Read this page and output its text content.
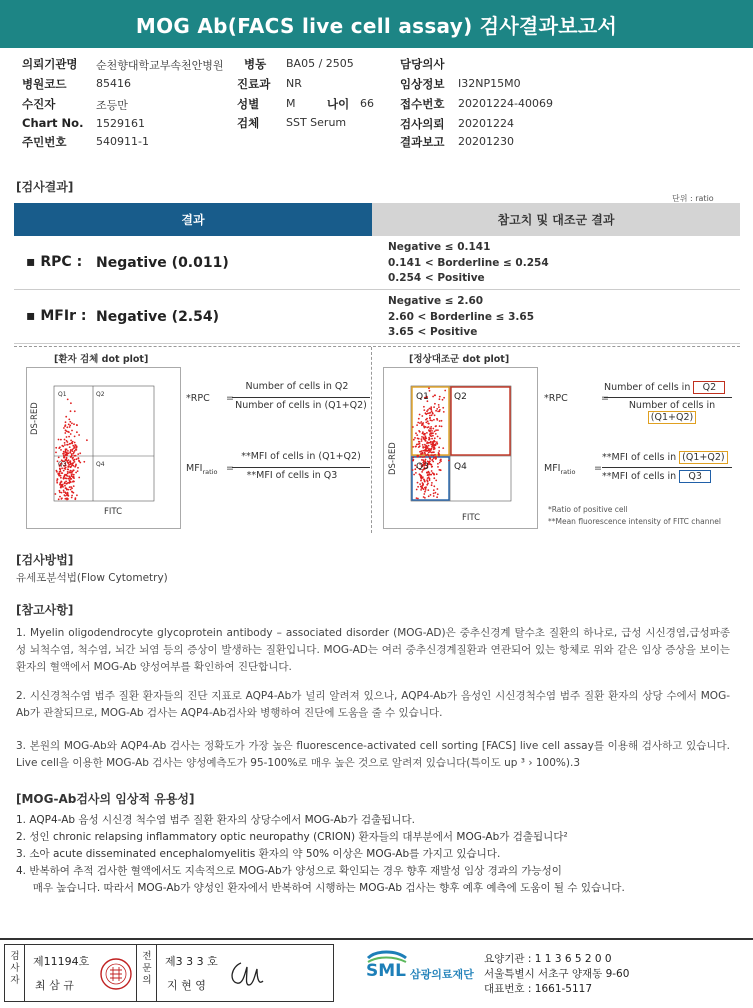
MOG Ab(FACS live cell assay) 검사결과보고서
의뢰기관명 순천향대학교부속천안병원 병동 BA05 / 2505	담당의사
병원코드	85416	진료과 NR	임상정보 I32NP15M0
수진자	조등만	성별 M	나이 66 접수번호 20201224-40069
Chart No. 1529161	검체 SST Serum	검사의뢰 20201224
주민번호	540911-1	결과보고 20201230
[검사결과]
단위 : ratio
결과	참고치 및 대조군 결과
▪ RPC : Negative (0.011)
Negative ≤ 0.141
0.141 < Borderline ≤ 0.254
0.254 < Positive
▪ MFIr : Negative (2.54)
Negative ≤ 2.60
2.60 < Borderline ≤ 3.65
3.65 < Positive
[환자 검체 dot plot]
Q1	Q2
Q3	Q4
DS-RED
FITC
*RPC =
Number of cells in Q2
Number of cells in (Q1+Q2)
$MFI_{ratio}$ =
**MFI of cells in (Q1+Q2)
**MFI of cells in Q3
[정상대조군 dot plot]
Q1	Q2
Q3	Q4
DS-RED
FITC
*RPC	=
Number of cells in Q2
Number of cells in (Q1+Q2)
$MFI_{ratio}$ =
**MFI of cells in (Q1+Q2)
**MFI of cells in Q3
*Ratio of positive cell
**Mean fluorescence intensity of FITC channel
[검사방법]
유세포분석법(Flow Cytometry)
[참고사항]

1. Myelin oligodendrocyte glycoprotein antibody – associated disorder (MOG-AD)은 중추신경계 탈수초 질환의 하나로, 급성 시신경염,급성파종성 뇌척수염, 척수염, 뇌간 뇌염 등의 증상이 발생하는 질환입니다. MOG-AD는 여러 중추신경계질환과 연관되어 있는 항체로 위와 같은 임상 증상을 보이는 환자의 혈액에서 MOG-Ab 양성여부를 확인하여 진단합니다.

2. 시신경척수염 범주 질환 환자들의 진단 지표로 AQP4-Ab가 널리 알려져 있으나, AQP4-Ab가 음성인 시신경척수염 범주 질환 환자의 상당 수에서 MOG-Ab가 관찰되므로, MOG-Ab 검사는 AQP4-Ab검사와 병행하여 진단에 도움을 줄 수 있습니다.

3. 본원의 MOG-Ab와 AQP4-Ab 검사는 정확도가 가장 높은 fluorescence-activated cell sorting [FACS] live cell assay를 이용해 검사하고 있습니다. Live cell을 이용한 MOG-Ab 검사는 양성예측도가 95-100%로 매우 높은 것으로 알려져 있습니다(특이도 up ³ › 100%).3

[MOG-Ab검사의 임상적 유용성]
1. AQP4-Ab 음성 시신경 척수염 범주 질환 환자의 상당수에서 MOG-Ab가 검출됩니다.
2. 성인 chronic relapsing inflammatory optic neuropathy (CRION) 환자들의 대부분에서 MOG-Ab가 검출됩니다²
3. 소아 acute disseminated encephalomyelitis 환자의 약 50% 이상은 MOG-Ab를 가지고 있습니다.
4. 반복하여 추적 검사한 혈액에서도 지속적으로 MOG-Ab가 양성으로 확인되는 경우 향후 재발성 임상 경과의 가능성이
매우 높습니다. 따라서 MOG-Ab가 양성인 환자에서 반복하여 시행하는 MOG-Ab 검사는 향후 예후 예측에 도움이 될 수 있습니다.
검사자
제11194호
최 삼 규
전문의
제3 3 3 호
지 현 영
SML 삼광의료재단
요양기관 : 1 1 3 6 5 2 0 0
서울특별시 서초구 양재동 9-60
대표번호 : 1661-5117
